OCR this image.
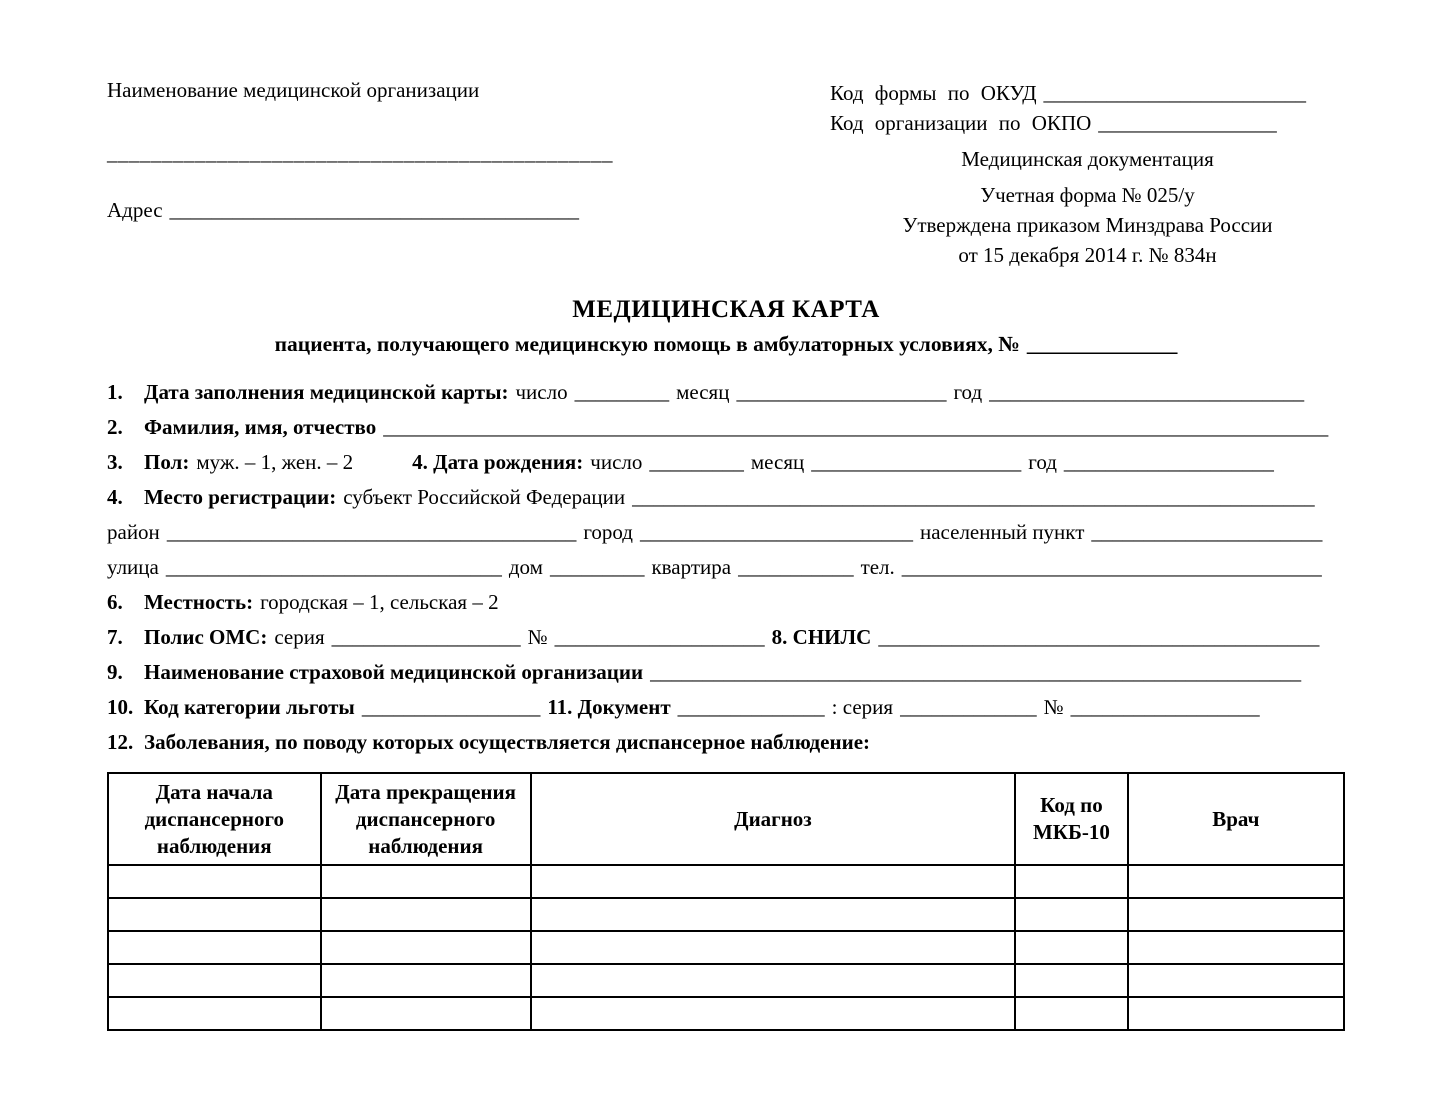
Наименование медицинской организации
______________________________________________
Адрес _______________________________________
Код формы по ОКУД _________________________
Код организации по ОКПО _________________
Медицинская документация
Учетная форма № 025/у
Утверждена приказом Минздрава России
от 15 декабря 2014 г. № 834н
МЕДИЦИНСКАЯ КАРТА
пациента, получающего медицинскую помощь в амбулаторных условиях, № ______________
1. Дата заполнения медицинской карты: число _________ месяц ____________________ год ______________________________
2. Фамилия, имя, отчество __________________________________________________________________________________________
3. Пол: муж. – 1, жен. – 2	4. Дата рождения: число _________ месяц ____________________ год ____________________
4. Место регистрации: субъект Российской Федерации _________________________________________________________________
район _______________________________________ город __________________________ населенный пункт ______________________
улица ________________________________ дом _________ квартира ___________ тел. ________________________________________
6. Местность: городская – 1, сельская – 2
7. Полис ОМС: серия __________________ № ____________________ 8. СНИЛС __________________________________________
9. Наименование страховой медицинской организации ______________________________________________________________
10. Код категории льготы _________________ 11. Документ ______________ : серия _____________ № __________________
12. Заболевания, по поводу которых осуществляется диспансерное наблюдение:
Дата начала диспансерного наблюдения	Дата прекращения диспансерного наблюдения	Диагноз	Код по МКБ-10	Врач
